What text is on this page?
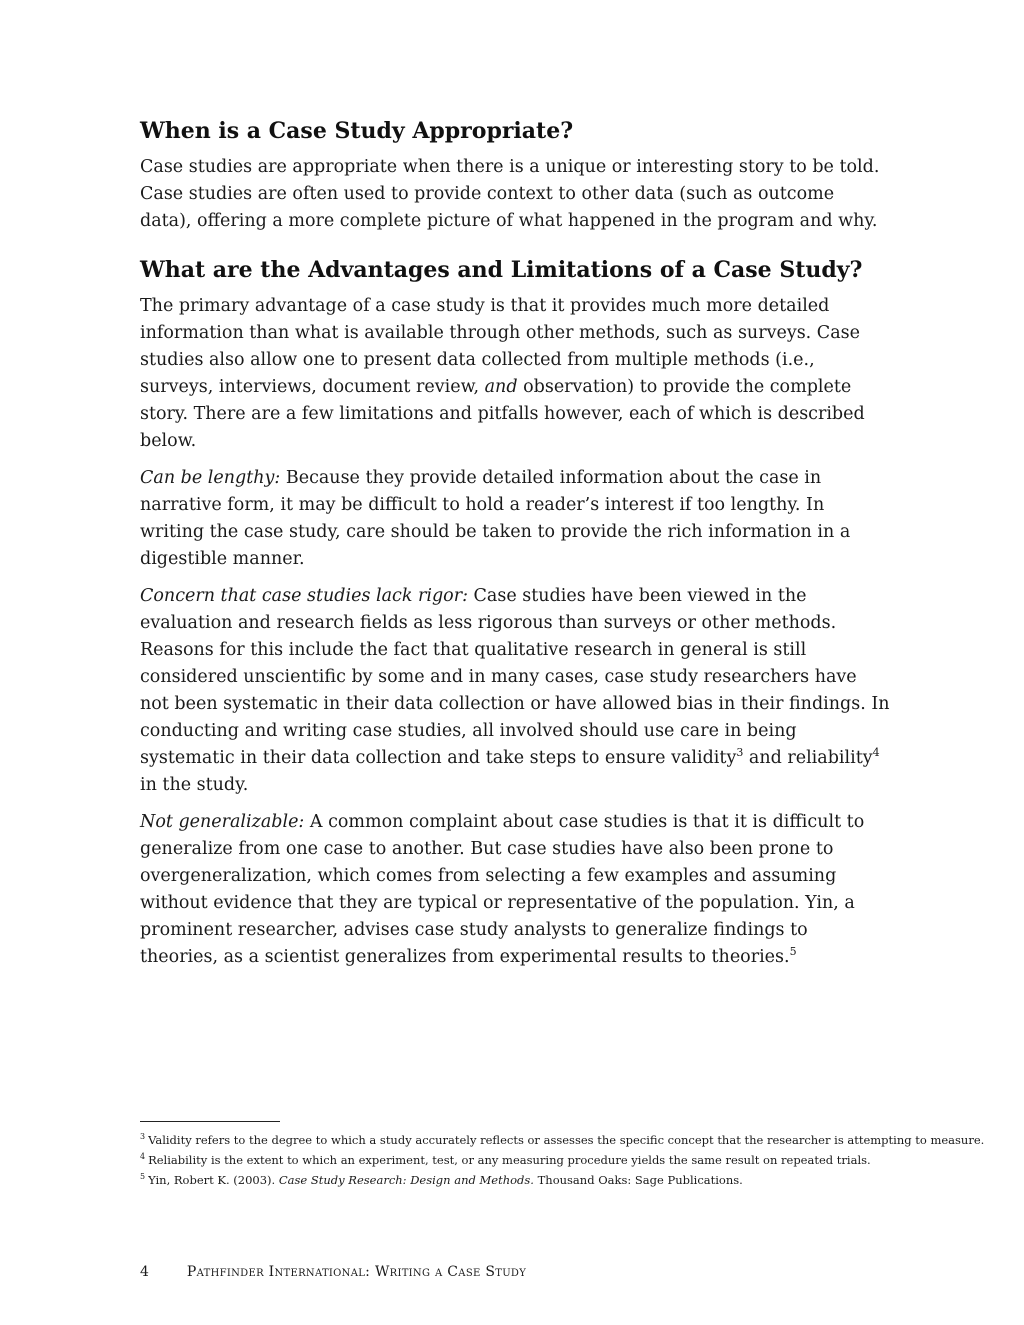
When is a Case Study Appropriate?

Case studies are appropriate when there is a unique or interesting story to be told. Case studies are often used to provide context to other data (such as outcome data), offering a more complete picture of what happened in the program and why.

What are the Advantages and Limitations of a Case Study?

The primary advantage of a case study is that it provides much more detailed information than what is available through other methods, such as surveys. Case studies also allow one to present data collected from multiple methods (i.e., surveys, interviews, document review, and observation) to provide the complete story. There are a few limitations and pitfalls however, each of which is described below.

Can be lengthy: Because they provide detailed information about the case in narrative form, it may be difficult to hold a reader’s interest if too lengthy. In writing the case study, care should be taken to provide the rich information in a digestible manner.

Concern that case studies lack rigor: Case studies have been viewed in the evaluation and research fields as less rigorous than surveys or other methods. Reasons for this include the fact that qualitative research in general is still considered unscientific by some and in many cases, case study researchers have not been systematic in their data collection or have allowed bias in their findings. In conducting and writing case studies, all involved should use care in being systematic in their data collection and take steps to ensure validity$^3$ and reliability$^4$ in the study.

Not generalizable: A common complaint about case studies is that it is difficult to generalize from one case to another. But case studies have also been prone to overgeneralization, which comes from selecting a few examples and assuming without evidence that they are typical or representative of the population. Yin, a prominent researcher, advises case study analysts to generalize findings to theories, as a scientist generalizes from experimental results to theories.$^5$

$^3$ Validity refers to the degree to which a study accurately reflects or assesses the specific concept that the researcher is attempting to measure.

$^4$ Reliability is the extent to which an experiment, test, or any measuring procedure yields the same result on repeated trials.

$^5$ Yin, Robert K. (2003). Case Study Research: Design and Methods. Thousand Oaks: Sage Publications.

4	Pathfinder International: Writing a Case Study
